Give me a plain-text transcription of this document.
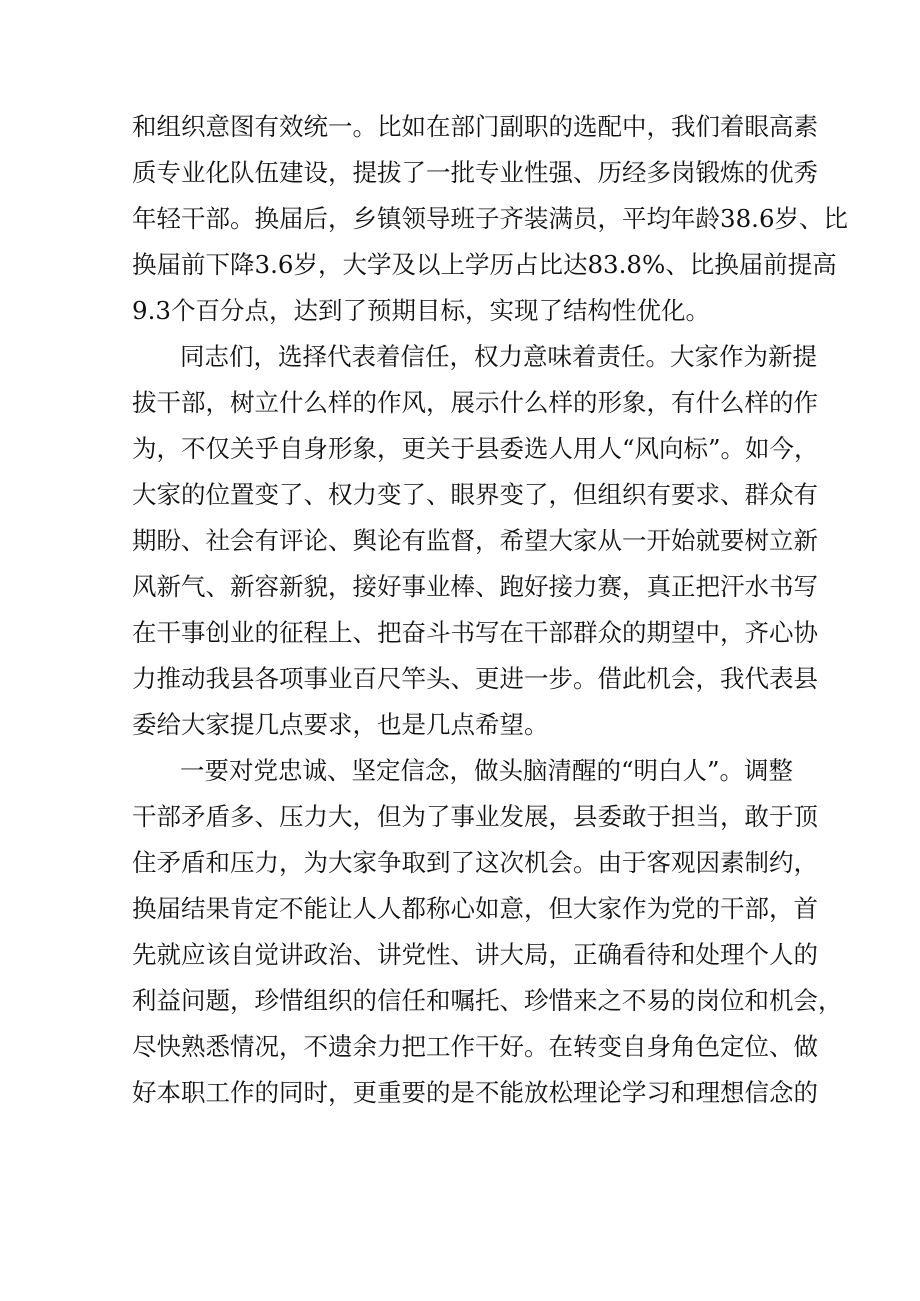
和组织意图有效统一。比如在部门副职的选配中，我们着眼高素
质专业化队伍建设，提拔了一批专业性强、历经多岗锻炼的优秀
年轻干部。换届后，乡镇领导班子齐装满员，平均年龄38.6岁、比
换届前下降3.6岁，大学及以上学历占比达83.8%、比换届前提高
9.3个百分点，达到了预期目标，实现了结构性优化。
同志们，选择代表着信任，权力意味着责任。大家作为新提
拔干部，树立什么样的作风，展示什么样的形象，有什么样的作
为，不仅关乎自身形象，更关于县委选人用人“风向标”。如今，
大家的位置变了、权力变了、眼界变了，但组织有要求、群众有
期盼、社会有评论、舆论有监督，希望大家从一开始就要树立新
风新气、新容新貌，接好事业棒、跑好接力赛，真正把汗水书写
在干事创业的征程上、把奋斗书写在干部群众的期望中，齐心协
力推动我县各项事业百尺竿头、更进一步。借此机会，我代表县
委给大家提几点要求，也是几点希望。
一要对党忠诚、坚定信念，做头脑清醒的“明白人”。调整
干部矛盾多、压力大，但为了事业发展，县委敢于担当，敢于顶
住矛盾和压力，为大家争取到了这次机会。由于客观因素制约，
换届结果肯定不能让人人都称心如意，但大家作为党的干部，首
先就应该自觉讲政治、讲党性、讲大局，正确看待和处理个人的
利益问题，珍惜组织的信任和嘱托、珍惜来之不易的岗位和机会，
尽快熟悉情况，不遗余力把工作干好。在转变自身角色定位、做
好本职工作的同时，更重要的是不能放松理论学习和理想信念的
